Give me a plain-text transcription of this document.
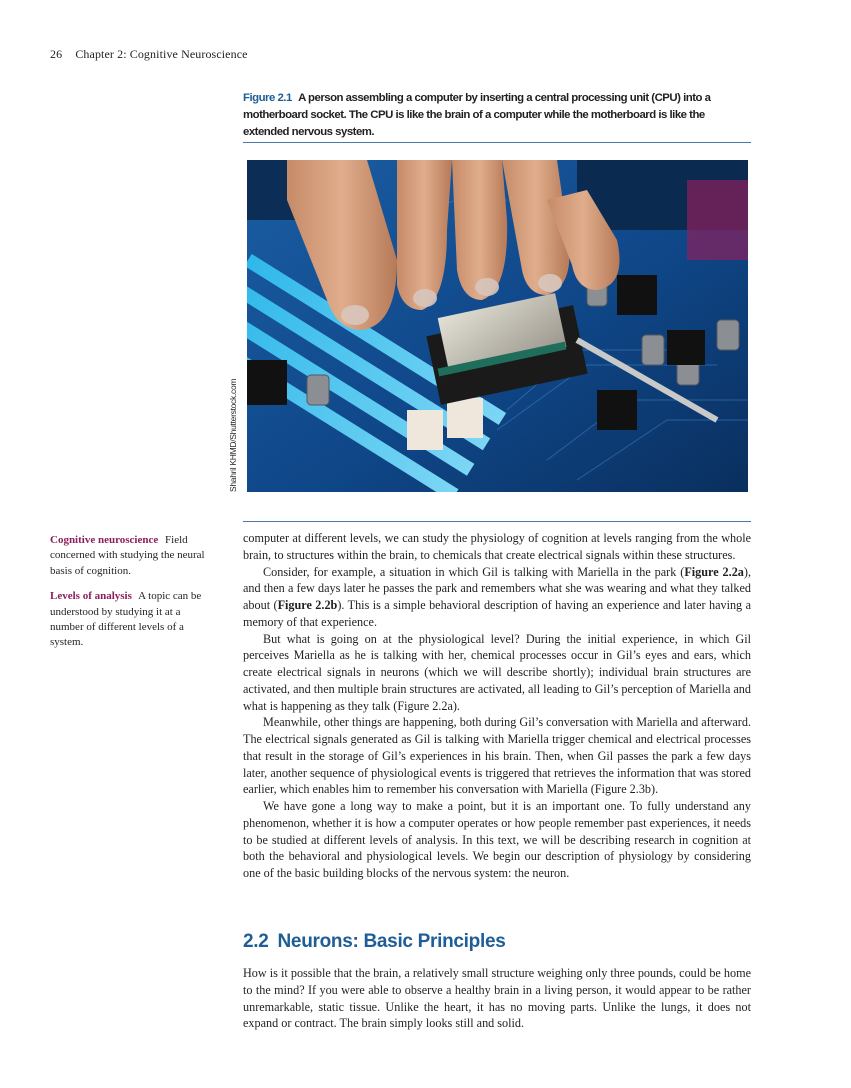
26 Chapter 2: Cognitive Neuroscience
Figure 2.1 A person assembling a computer by inserting a central processing unit (CPU) into a motherboard socket. The CPU is like the brain of a computer while the motherboard is like the extended nervous system.
Shahril KHMD/Shutterstock.com

Cognitive neuroscience Field concerned with studying the neural basis of cognition.

Levels of analysis A topic can be understood by studying it at a number of different levels of a system.

computer at different levels, we can study the physiology of cognition at levels ranging from the whole brain, to structures within the brain, to chemicals that create electrical signals within these structures.

Consider, for example, a situation in which Gil is talking with Mariella in the park (Figure 2.2a), and then a few days later he passes the park and remembers what she was wearing and what they talked about (Figure 2.2b). This is a simple behavioral description of having an experience and later having a memory of that experience.

But what is going on at the physiological level? During the initial experience, in which Gil perceives Mariella as he is talking with her, chemical processes occur in Gil’s eyes and ears, which create electrical signals in neurons (which we will describe shortly); individual brain structures are activated, and then multiple brain structures are activated, all leading to Gil’s perception of Mariella and what is happening as they talk (Figure 2.2a).

Meanwhile, other things are happening, both during Gil’s conversation with Mariella and afterward. The electrical signals generated as Gil is talking with Mariella trigger chemical and electrical processes that result in the storage of Gil’s experiences in his brain. Then, when Gil passes the park a few days later, another sequence of physiological events is triggered that retrieves the information that was stored earlier, which enables him to remember his conversation with Mariella (Figure 2.3b).

We have gone a long way to make a point, but it is an important one. To fully understand any phenomenon, whether it is how a computer operates or how people remember past experiences, it needs to be studied at different levels of analysis. In this text, we will be describing research in cognition at both the behavioral and physiological levels. We begin our description of physiology by considering one of the basic building blocks of the nervous system: the neuron.

2.2 Neurons: Basic Principles

How is it possible that the brain, a relatively small structure weighing only three pounds, could be home to the mind? If you were able to observe a healthy brain in a living person, it would appear to be rather unremarkable, static tissue. Unlike the heart, it has no moving parts. Unlike the lungs, it does not expand or contract. The brain simply looks still and solid.
